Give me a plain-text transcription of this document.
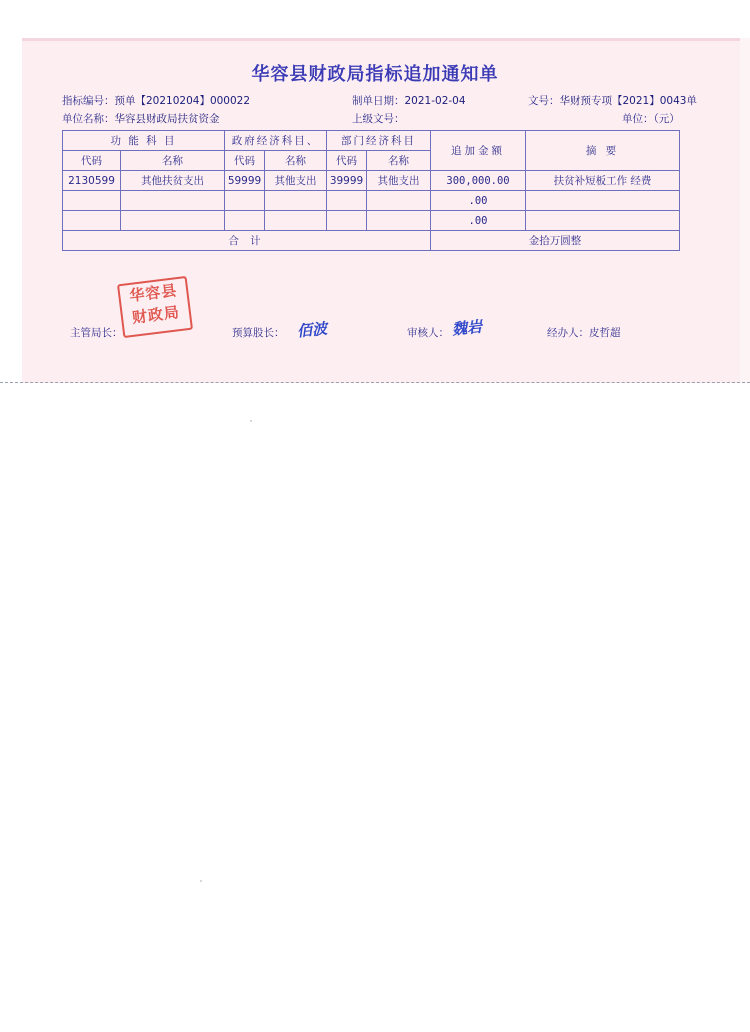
华容县财政局指标追加通知单
指标编号：预单【20210204】000022	制单日期：2021-02-04	文号：华财预专项【2021】0043单
单位名称：华容县财政局扶贫资金	上级文号：	单位：（元）
功 能 科 目		政府经济科目、		部门经济科目		追加金额	摘 要
代码	名称	代码	名称	代码	名称		
2130599	其他扶贫支出	59999	其他支出	39999	其他支出	300,000.00	扶贫补短板工作 经费
						.00	
						.00	
合 计						金拾万圆整	
华容县
财政局
主管局长：	预算股长： 佰波	审核人： 魏岩	经办人：皮哲超
